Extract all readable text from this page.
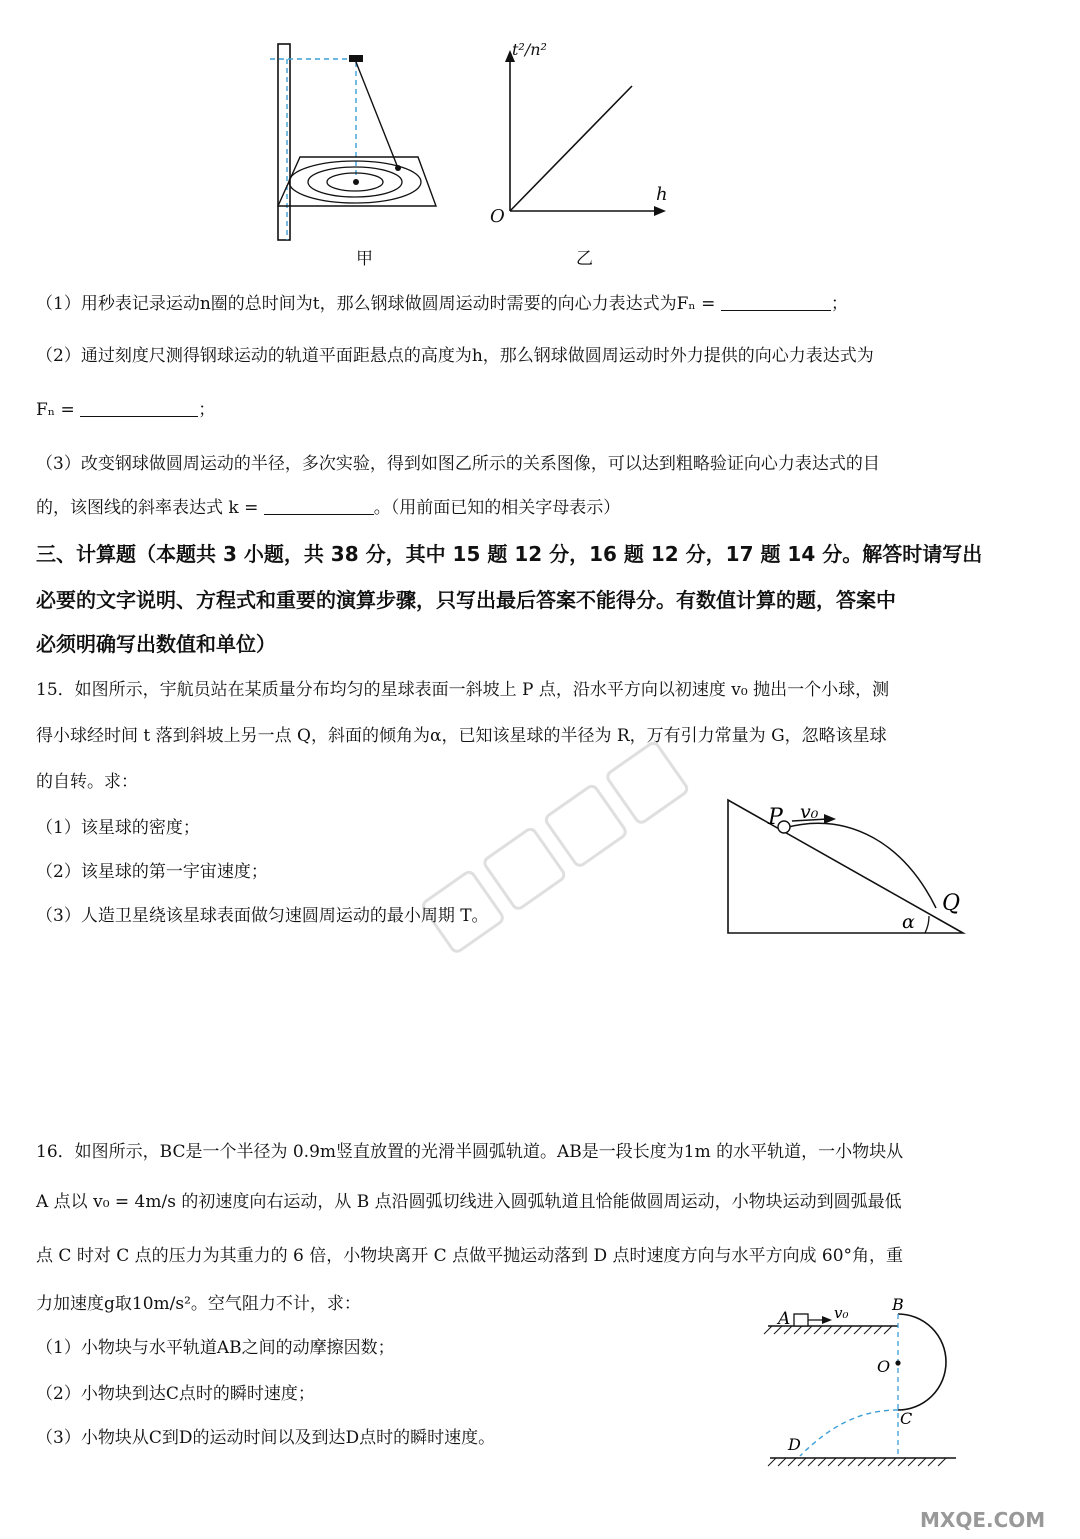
甲
t²/n²
h
O
乙
（1）用秒表记录运动n圈的总时间为t，那么钢球做圆周运动时需要的向心力表达式为Fₙ =	；
（2）通过刻度尺测得钢球运动的轨道平面距悬点的高度为h，那么钢球做圆周运动时外力提供的向心力表达式为
Fₙ =	；
（3）改变钢球做圆周运动的半径，多次实验，得到如图乙所示的关系图像，可以达到粗略验证向心力表达式的目
的，该图线的斜率表达式 k =	。（用前面已知的相关字母表示）
三、计算题（本题共 3 小题，共 38 分，其中 15 题 12 分，16 题 12 分，17 题 14 分。解答时请写出
必要的文字说明、方程式和重要的演算步骤，只写出最后答案不能得分。有数值计算的题，答案中
必须明确写出数值和单位）
15．如图所示，宇航员站在某质量分布均匀的星球表面一斜坡上 P 点，沿水平方向以初速度 v₀ 抛出一个小球，测
得小球经时间 t 落到斜坡上另一点 Q，斜面的倾角为α，已知该星球的半径为 R，万有引力常量为 G，忽略该星球
的自转。求：
（1）该星球的密度；
（2）该星球的第一宇宙速度；
（3）人造卫星绕该星球表面做匀速圆周运动的最小周期 T。
P v₀
Q
α
16．如图所示，BC是一个半径为 0.9m竖直放置的光滑半圆弧轨道。AB是一段长度为1m 的水平轨道，一小物块从
A 点以 v₀ = 4m/s 的初速度向右运动，从 B 点沿圆弧切线进入圆弧轨道且恰能做圆周运动，小物块运动到圆弧最低
点 C 时对 C 点的压力为其重力的 6 倍，小物块离开 C 点做平抛运动落到 D 点时速度方向与水平方向成 60°角，重
力加速度g取10m/s²。空气阻力不计，求：
（1）小物块与水平轨道AB之间的动摩擦因数；
（2）小物块到达C点时的瞬时速度；
（3）小物块从C到D的运动时间以及到达D点时的瞬时速度。
A	v₀	B
O
C
D
MXQE.COM
